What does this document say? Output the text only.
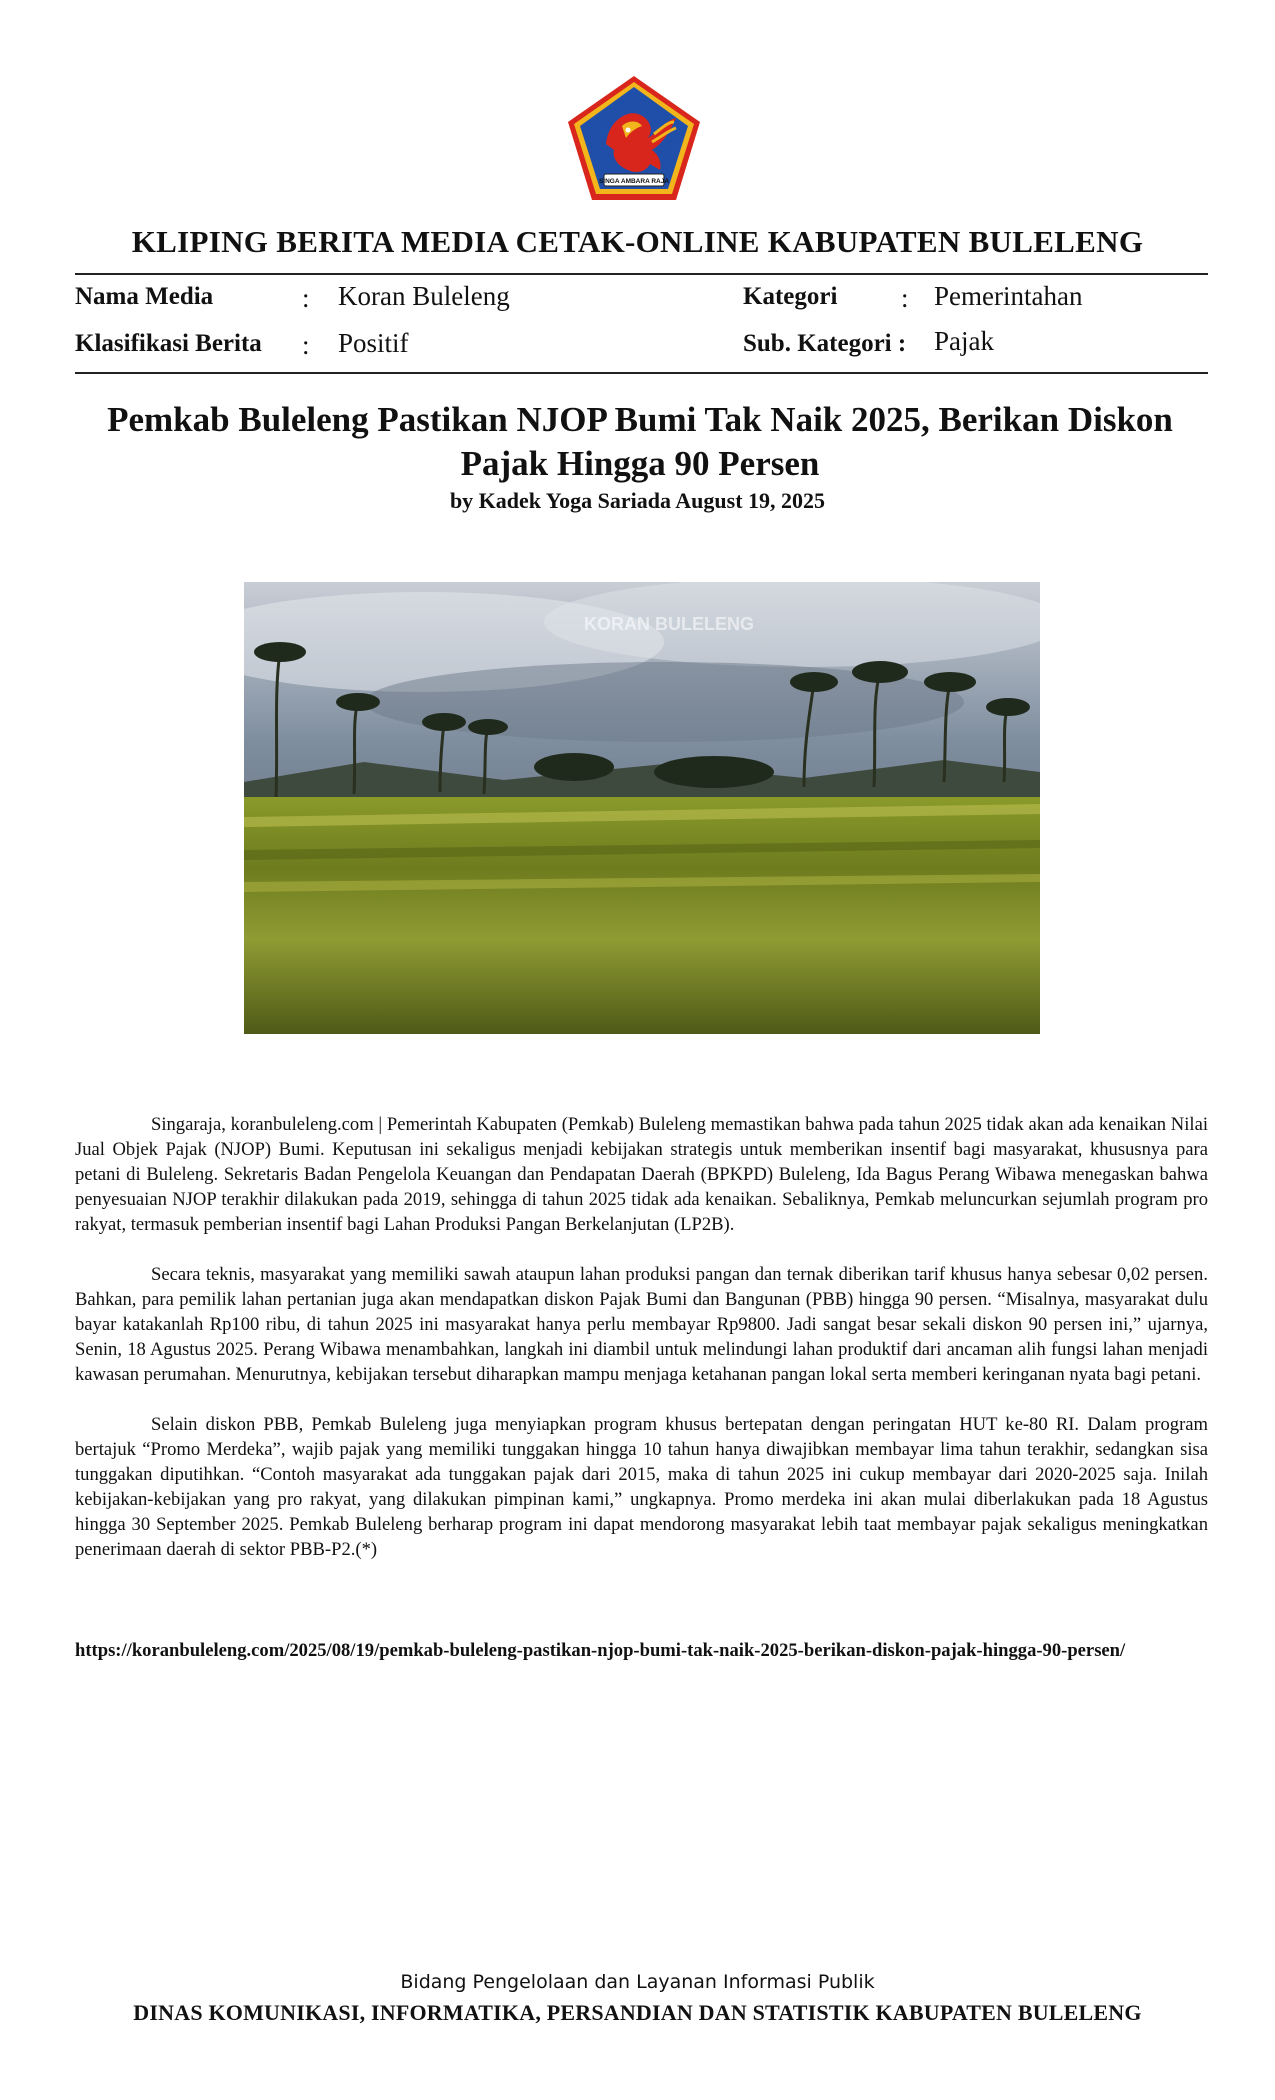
SINGA AMBARA RAJA
KLIPING BERITA MEDIA CETAK-ONLINE KABUPATEN BULELENG
Nama Media	: Koran Buleleng	Kategori : Pemerintahan
Klasifikasi Berita : Positif	Sub. Kategori : Pajak
Pemkab Buleleng Pastikan NJOP Bumi Tak Naik 2025, Berikan Diskon Pajak Hingga 90 Persen
by Kadek Yoga Sariada August 19, 2025
KORAN BULELENG

Singaraja, koranbuleleng.com | Pemerintah Kabupaten (Pemkab) Buleleng memastikan bahwa pada tahun 2025 tidak akan ada kenaikan Nilai Jual Objek Pajak (NJOP) Bumi. Keputusan ini sekaligus menjadi kebijakan strategis untuk memberikan insentif bagi masyarakat, khususnya para petani di Buleleng. Sekretaris Badan Pengelola Keuangan dan Pendapatan Daerah (BPKPD) Buleleng, Ida Bagus Perang Wibawa menegaskan bahwa penyesuaian NJOP terakhir dilakukan pada 2019, sehingga di tahun 2025 tidak ada kenaikan. Sebaliknya, Pemkab meluncurkan sejumlah program pro rakyat, termasuk pemberian insentif bagi Lahan Produksi Pangan Berkelanjutan (LP2B).

Secara teknis, masyarakat yang memiliki sawah ataupun lahan produksi pangan dan ternak diberikan tarif khusus hanya sebesar 0,02 persen. Bahkan, para pemilik lahan pertanian juga akan mendapatkan diskon Pajak Bumi dan Bangunan (PBB) hingga 90 persen. “Misalnya, masyarakat dulu bayar katakanlah Rp100 ribu, di tahun 2025 ini masyarakat hanya perlu membayar Rp9800. Jadi sangat besar sekali diskon 90 persen ini,” ujarnya, Senin, 18 Agustus 2025. Perang Wibawa menambahkan, langkah ini diambil untuk melindungi lahan produktif dari ancaman alih fungsi lahan menjadi kawasan perumahan. Menurutnya, kebijakan tersebut diharapkan mampu menjaga ketahanan pangan lokal serta memberi keringanan nyata bagi petani.

Selain diskon PBB, Pemkab Buleleng juga menyiapkan program khusus bertepatan dengan peringatan HUT ke-80 RI. Dalam program bertajuk “Promo Merdeka”, wajib pajak yang memiliki tunggakan hingga 10 tahun hanya diwajibkan membayar lima tahun terakhir, sedangkan sisa tunggakan diputihkan. “Contoh masyarakat ada tunggakan pajak dari 2015, maka di tahun 2025 ini cukup membayar dari 2020-2025 saja. Inilah kebijakan-kebijakan yang pro rakyat, yang dilakukan pimpinan kami,” ungkapnya. Promo merdeka ini akan mulai diberlakukan pada 18 Agustus hingga 30 September 2025. Pemkab Buleleng berharap program ini dapat mendorong masyarakat lebih taat membayar pajak sekaligus meningkatkan penerimaan daerah di sektor PBB-P2.(*)

https://koranbuleleng.com/2025/08/19/pemkab-buleleng-pastikan-njop-bumi-tak-naik-2025-berikan-diskon-pajak-hingga-90-persen/
Bidang Pengelolaan dan Layanan Informasi Publik
DINAS KOMUNIKASI, INFORMATIKA, PERSANDIAN DAN STATISTIK KABUPATEN BULELENG
